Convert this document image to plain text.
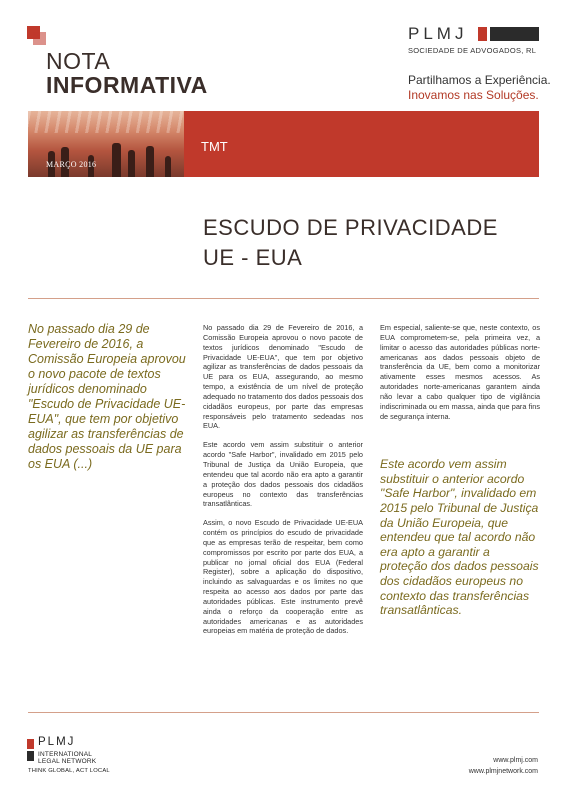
NOTA
INFORMATIVA
PLMJ
SOCIEDADE DE ADVOGADOS, RL
Partilhamos a Experiência.
Inovamos nas Soluções.
MARÇO 2016
TMT
ESCUDO DE PRIVACIDADE UE - EUA
No passado dia 29 de Fevereiro de 2016, a Comissão Europeia aprovou o novo pacote de textos jurídicos denominado "Escudo de Privacidade UE-EUA", que tem por objetivo agilizar as transferências de dados pessoais da UE para os EUA (...)

No passado dia 29 de Fevereiro de 2016, a Comissão Europeia aprovou o novo pacote de textos jurídicos denominado "Escudo de Privacidade UE-EUA", que tem por objetivo agilizar as transferências de dados pessoais da UE para os EUA, assegurando, ao mesmo tempo, a existência de um nível de proteção adequado no tratamento dos dados pessoais dos cidadãos europeus, por parte das empresas responsáveis pelo tratamento sedeadas nos EUA.

Este acordo vem assim substituir o anterior acordo "Safe Harbor", invalidado em 2015 pelo Tribunal de Justiça da União Europeia, que entendeu que tal acordo não era apto a garantir a proteção dos dados pessoais dos cidadãos europeus no contexto das transferências transatlânticas.

Assim, o novo Escudo de Privacidade UE-EUA contém os princípios do escudo de privacidade que as empresas terão de respeitar, bem como compromissos por escrito por parte dos EUA, a publicar no jornal oficial dos EUA (Federal Register), sobre a aplicação do dispositivo, incluindo as salvaguardas e os limites no que respeita ao acesso aos dados por parte das autoridades públicas. Este instrumento prevê ainda o reforço da cooperação entre as autoridades americanas e as autoridades europeias em matéria de proteção de dados.

Em especial, saliente-se que, neste contexto, os EUA comprometem-se, pela primeira vez, a limitar o acesso das autoridades públicas norte-americanas aos dados pessoais objeto de transferência da UE, bem como a monitorizar ativamente esses mesmos acessos. As autoridades norte-americanas garantem ainda não levar a cabo qualquer tipo de vigilância indiscriminada ou em massa, ainda que para fins de segurança interna.

Este acordo vem assim substituir o anterior acordo "Safe Harbor", invalidado em 2015 pelo Tribunal de Justiça da União Europeia, que entendeu que tal acordo não era apto a garantir a proteção dos dados pessoais dos cidadãos europeus no contexto das transferências transatlânticas.
PLMJ
INTERNATIONAL
LEGAL NETWORK
THINK GLOBAL, ACT LOCAL
www.plmj.com
www.plmjnetwork.com
